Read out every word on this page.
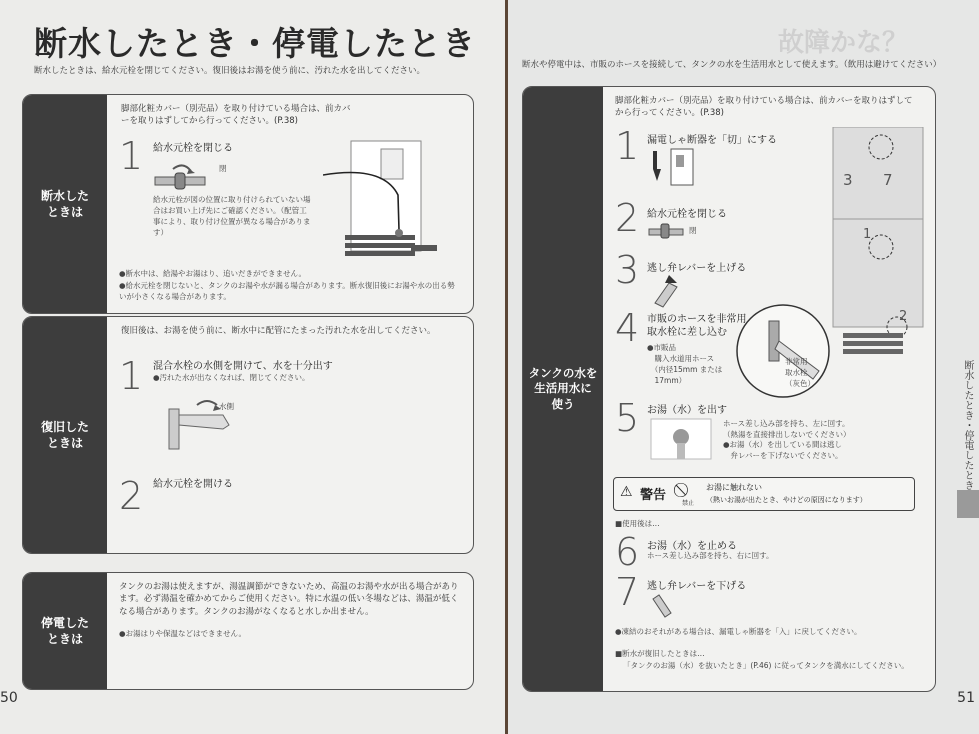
断水したとき・停電したとき
断水したときは、給水元栓を閉じてください。復旧後はお湯を使う前に、汚れた水を出してください。
断水した
ときは
脚部化粧カバー（別売品）を取り付けている場合は、前カバーを取りはずしてから行ってください。(P.38)
1 給水元栓を閉じる
閉
給水元栓が図の位置に取り付けられていない場合はお買い上げ先にご確認ください。（配管工事により、取り付け位置が異なる場合があります）
●断水中は、給湯やお湯はり、追いだきができません。
●給水元栓を閉じないと、タンクのお湯や水が漏る場合があります。断水復旧後にお湯や水の出る勢いが小さくなる場合があります。
復旧した
ときは
復旧後は、お湯を使う前に、断水中に配管にたまった汚れた水を出してください。
1 混合水栓の水側を開けて、水を十分出す
●汚れた水が出なくなれば、閉じてください。
水側
2 給水元栓を開ける
停電した
ときは
タンクのお湯は使えますが、湯温調節ができないため、高温のお湯や水が出る場合があります。必ず湯温を確かめてからご使用ください。特に水温の低い冬場などは、湯温が低くなる場合があります。タンクのお湯がなくなると水しか出ません。
●お湯はりや保温などはできません。
50
故障かな？
断水や停電中は、市販のホースを接続して、タンクの水を生活用水として使えます。（飲用は避けてください）
タンクの水を
生活用水に
使う
脚部化粧カバー（別売品）を取り付けている場合は、前カバーを取りはずしてから行ってください。(P.38)
1 漏電しゃ断器を「切」にする
2 給水元栓を閉じる
閉
3 逃し弁レバーを上げる
4 市販のホースを非常用
取水栓に差し込む
●市販品
　購入水道用ホース
　（内径15mm または
　17mm）
非常用
取水栓
（灰色）
5 お湯（水）を出す
ホース差し込み部を持ち、左に回す。
（熱湯を直接排出しないでください）
●お湯（水）を出している間は逃し
　弁レバーを下げないでください。
⚠ 警告
禁止
お湯に触れない
（熱いお湯が出たとき、やけどの原因になります）
■使用後は…
6 お湯（水）を止める
ホース差し込み部を持ち、右に回す。
7 逃し弁レバーを下げる
●凍結のおそれがある場合は、漏電しゃ断器を「入」に戻してください。
■断水が復旧したときは…
「タンクのお湯（水）を抜いたとき」(P.46) に従ってタンクを満水にしてください。
3 7
1
2
断水したとき・停電したとき
51
